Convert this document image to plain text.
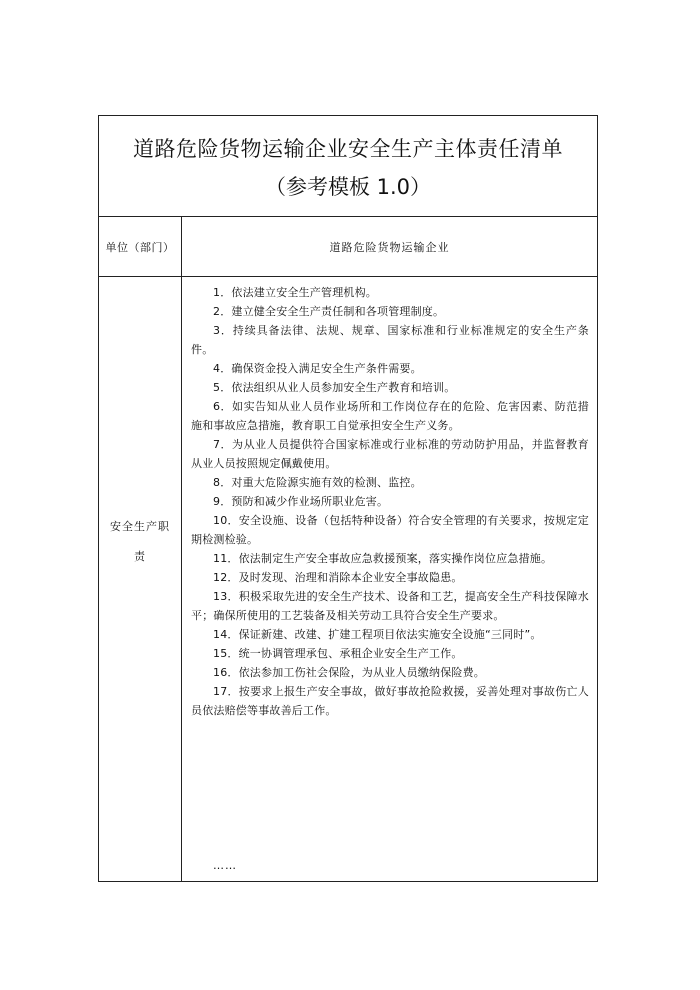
道路危险货物运输企业安全生产主体责任清单
（参考模板 1.0）
单位（部门）	道路危险货物运输企业
安全生产职
责
1．依法建立安全生产管理机构。
2．建立健全安全生产责任制和各项管理制度。
3．持续具备法律、法规、规章、国家标准和行业标准规定的安全生产条件。
4．确保资金投入满足安全生产条件需要。
5．依法组织从业人员参加安全生产教育和培训。
6．如实告知从业人员作业场所和工作岗位存在的危险、危害因素、防范措施和事故应急措施，教育职工自觉承担安全生产义务。
7．为从业人员提供符合国家标准或行业标准的劳动防护用品，并监督教育从业人员按照规定佩戴使用。
8．对重大危险源实施有效的检测、监控。
9．预防和减少作业场所职业危害。
10．安全设施、设备（包括特种设备）符合安全管理的有关要求，按规定定期检测检验。
11．依法制定生产安全事故应急救援预案，落实操作岗位应急措施。
12．及时发现、治理和消除本企业安全事故隐患。
13．积极采取先进的安全生产技术、设备和工艺，提高安全生产科技保障水平；确保所使用的工艺装备及相关劳动工具符合安全生产要求。
14．保证新建、改建、扩建工程项目依法实施安全设施“三同时”。
15．统一协调管理承包、承租企业安全生产工作。
16．依法参加工伤社会保险，为从业人员缴纳保险费。
17．按要求上报生产安全事故，做好事故抢险救援，妥善处理对事故伤亡人员依法赔偿等事故善后工作。
……
